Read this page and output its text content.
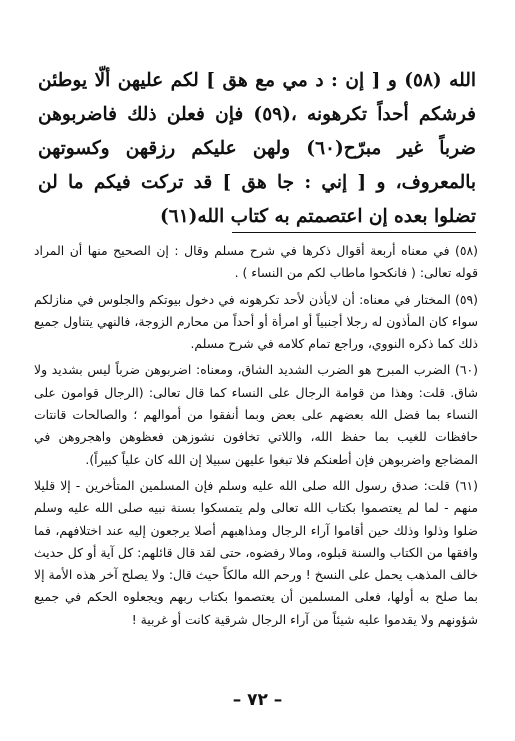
الله (٥٨) و [ إن : د مي مع هق ] لكم عليهن ألّا يوطئن فرشكم أحداً تكرهونه ،(٥٩) فإن فعلن ذلك فاضربوهن ضرباً غير مبرّح(٦٠) ولهن عليكم رزقهن وكسوتهن بالمعروف، و [ إني : جا هق ] قد تركت فيكم ما لن تضلوا بعده إن اعتصمتم به كتاب الله(٦١)

(٥٨) في معناه أربعة أقوال ذكرها في شرح مسلم وقال : إن الصحيح منها أن المراد قوله تعالى: ( فانكحوا ماطاب لكم من النساء ) .

(٥٩) المختار في معناه: أن لايأذن لأحد تكرهونه في دخول بيوتكم والجلوس في منازلكم سواء كان المأذون له رجلا أجنبياً أو امرأة أو أحداً من محارم الزوجة، فالنهي يتناول جميع ذلك كما ذكره النووي، وراجع تمام كلامه في شرح مسلم.

(٦٠) الضرب المبرح هو الضرب الشديد الشاق، ومعناه: اضربوهن ضرباً ليس بشديد ولا شاق. قلت: وهذا من قوامة الرجال على النساء كما قال تعالى: (الرجال قوامون على النساء بما فضل الله بعضهم على بعض وبما أنفقوا من أموالهم ؛ والصالحات قانتات حافظات للغيب بما حفظ الله، واللاتي تخافون نشوزهن فعظوهن واهجروهن في المضاجع واضربوهن فإن أطعنكم فلا تبغوا عليهن سبيلا إن الله كان علياً كبيراً).

(٦١) قلت: صدق رسول الله صلى الله عليه وسلم فإن المسلمين المتأخرين - إلا قليلا منهم - لما لم يعتصموا بكتاب الله تعالى ولم يتمسكوا بسنة نبيه صلى الله عليه وسلم ضلوا وذلوا وذلك حين أقاموا آراء الرجال ومذاهبهم أصلا يرجعون إليه عند اختلافهم، فما وافقها من الكتاب والسنة قبلوه، ومالا رفضوه، حتى لقد قال قائلهم: كل آية أو كل حديث خالف المذهب يحمل على النسخ ! ورحم الله مالكاً حيث قال: ولا يصلح آخر هذه الأمة إلا بما صلح به أولها، فعلى المسلمين أن يعتصموا بكتاب ربهم ويجعلوه الحكم في جميع شؤونهم ولا يقدموا عليه شيئاً من آراء الرجال شرقية كانت أو غربية !

– ٧٢ –
